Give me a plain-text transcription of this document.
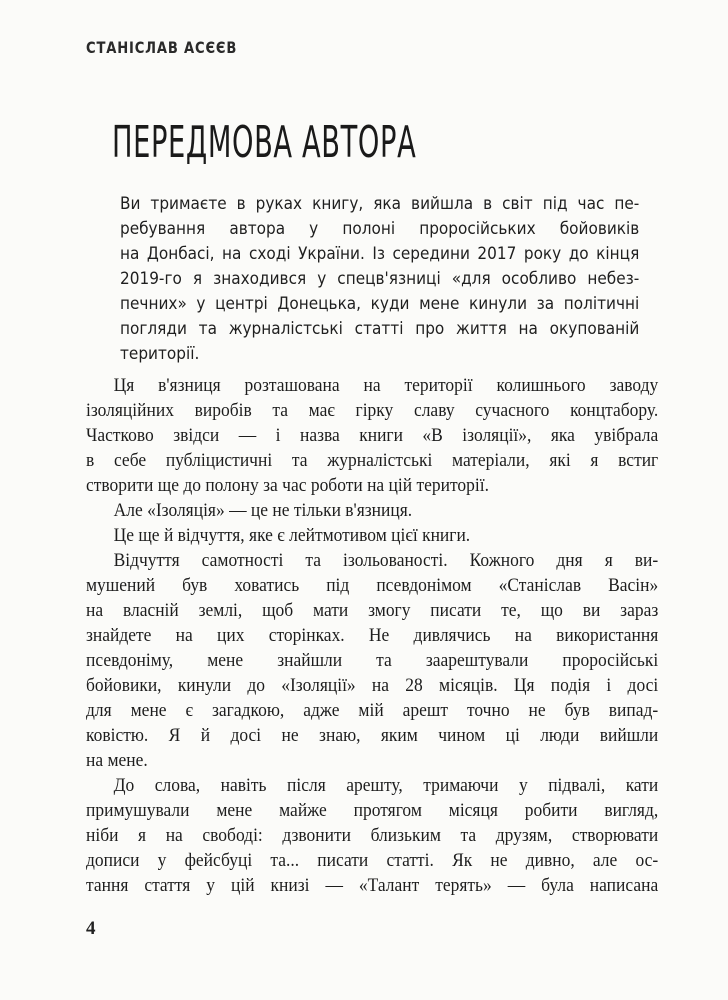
СТАНІСЛАВ АСЄЄВ
ПЕРЕДМОВА АВТОРА
Ви тримаєте в руках книгу, яка вийшла в світ під час пе-
ребування автора у полоні проросійських бойовиків
на Донбасі, на сході України. Із середини 2017 року до кінця
2019-го я знаходився у спецв'язниці «для особливо небез-
печних» у центрі Донецька, куди мене кинули за політичні
погляди та журналістські статті про життя на окупованій
території.
Ця в'язниця розташована на території колишнього заводу
ізоляційних виробів та має гірку славу сучасного концтабору.
Частково звідси — і назва книги «В ізоляції», яка увібрала
в себе публіцистичні та журналістські матеріали, які я встиг
створити ще до полону за час роботи на цій території.
Але «Ізоляція» — це не тільки в'язниця.
Це ще й відчуття, яке є лейтмотивом цієї книги.
Відчуття самотності та ізольованості. Кожного дня я ви-
мушений був ховатись під псевдонімом «Станіслав Васін»
на власній землі, щоб мати змогу писати те, що ви зараз
знайдете на цих сторінках. Не дивлячись на використання
псевдоніму, мене знайшли та заарештували проросійські
бойовики, кинули до «Ізоляції» на 28 місяців. Ця подія і досі
для мене є загадкою, адже мій арешт точно не був випад-
ковістю. Я й досі не знаю, яким чином ці люди вийшли
на мене.
До слова, навіть після арешту, тримаючи у підвалі, кати
примушували мене майже протягом місяця робити вигляд,
ніби я на свободі: дзвонити близьким та друзям, створювати
дописи у фейсбуці та... писати статті. Як не дивно, але ос-
тання стаття у цій книзі — «Талант терять» — була написана
4
